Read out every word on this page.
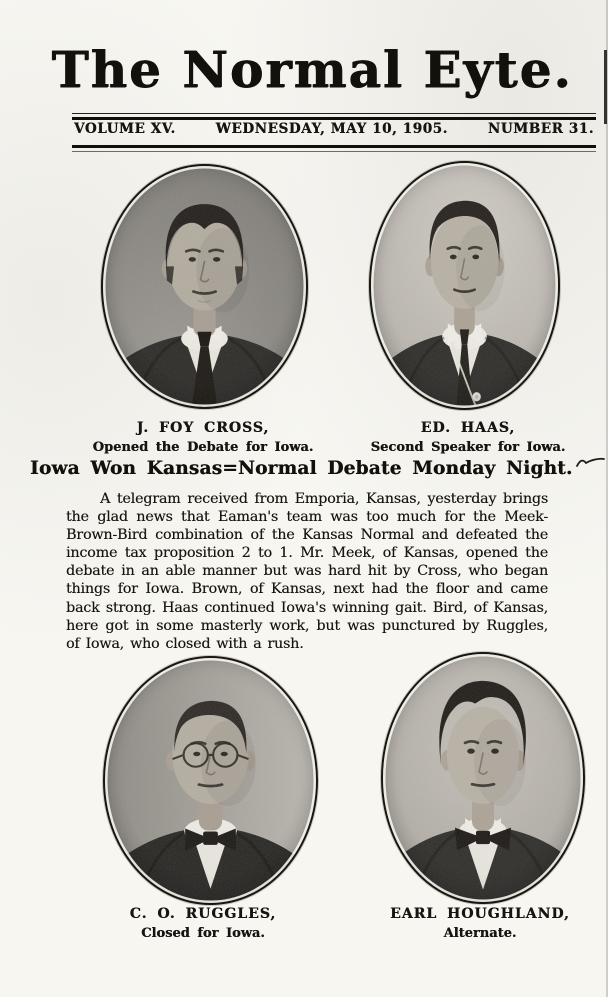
The Normal Eyte.
VOLUME XV.	WEDNESDAY, MAY 10, 1905.	NUMBER 31.
J. FOY CROSS,
Opened the Debate for Iowa.
ED. HAAS,
Second Speaker for Iowa.
Iowa Won Kansas=Normal Debate Monday Night.
A telegram received from Emporia, Kansas, yesterday brings the glad news that Eaman's team was too much for the Meek-Brown-Bird combination of the Kansas Normal and defeated the income tax proposition 2 to 1. Mr. Meek, of Kansas, opened the debate in an able manner but was hard hit by Cross, who began things for Iowa. Brown, of Kansas, next had the floor and came back strong. Haas continued Iowa's winning gait. Bird, of Kansas, here got in some masterly work, but was punctured by Ruggles, of Iowa, who closed with a rush.
C. O. RUGGLES,
Closed for Iowa.
EARL HOUGHLAND,
Alternate.
